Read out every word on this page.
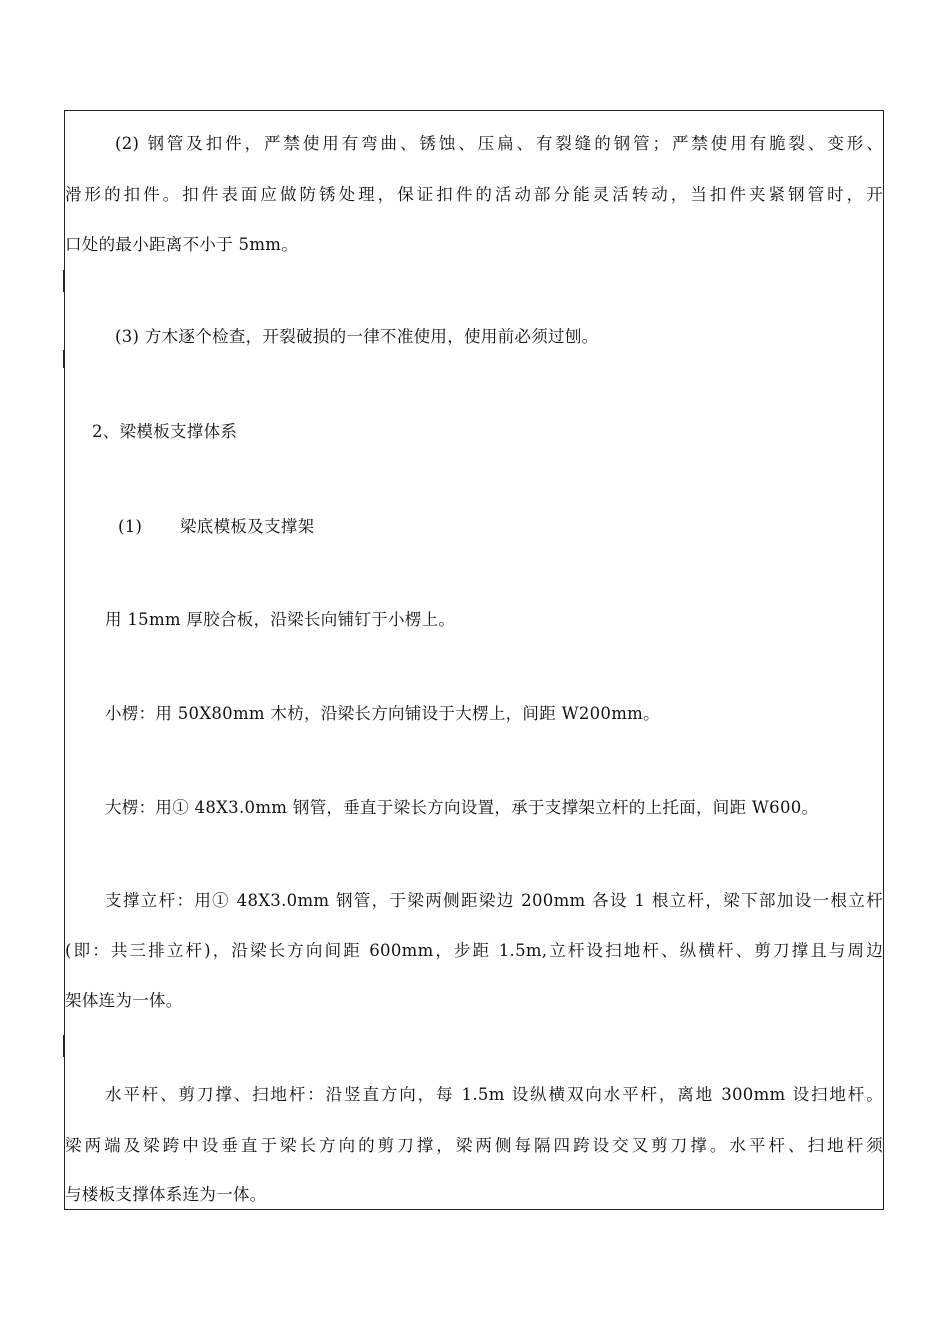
(2) 钢管及扣件，严禁使用有弯曲、锈蚀、压扁、有裂缝的钢管；严禁使用有脆裂、变形、
滑形的扣件。扣件表面应做防锈处理，保证扣件的活动部分能灵活转动，当扣件夹紧钢管时，开
口处的最小距离不小于 5mm。
(3) 方木逐个检查，开裂破损的一律不准使用，使用前必须过刨。
2、梁模板支撑体系
(1)	梁底模板及支撑架
用 15mm 厚胶合板，沿梁长向铺钉于小楞上。
小楞：用 50X80mm 木枋，沿梁长方向铺设于大楞上，间距 W200mm。
大楞：用① 48X3.0mm 钢管，垂直于梁长方向设置，承于支撑架立杆的上托面，间距 W600。
支撑立杆：用① 48X3.0mm 钢管，于梁两侧距梁边 200mm 各设 1 根立杆，梁下部加设一根立杆
(即：共三排立杆)，沿梁长方向间距 600mm，步距 1.5m,立杆设扫地杆、纵横杆、剪刀撑且与周边
架体连为一体。
水平杆、剪刀撑、扫地杆：沿竖直方向，每 1.5m 设纵横双向水平杆，离地 300mm 设扫地杆。
梁两端及梁跨中设垂直于梁长方向的剪刀撑，梁两侧每隔四跨设交叉剪刀撑。水平杆、扫地杆须
与楼板支撑体系连为一体。
